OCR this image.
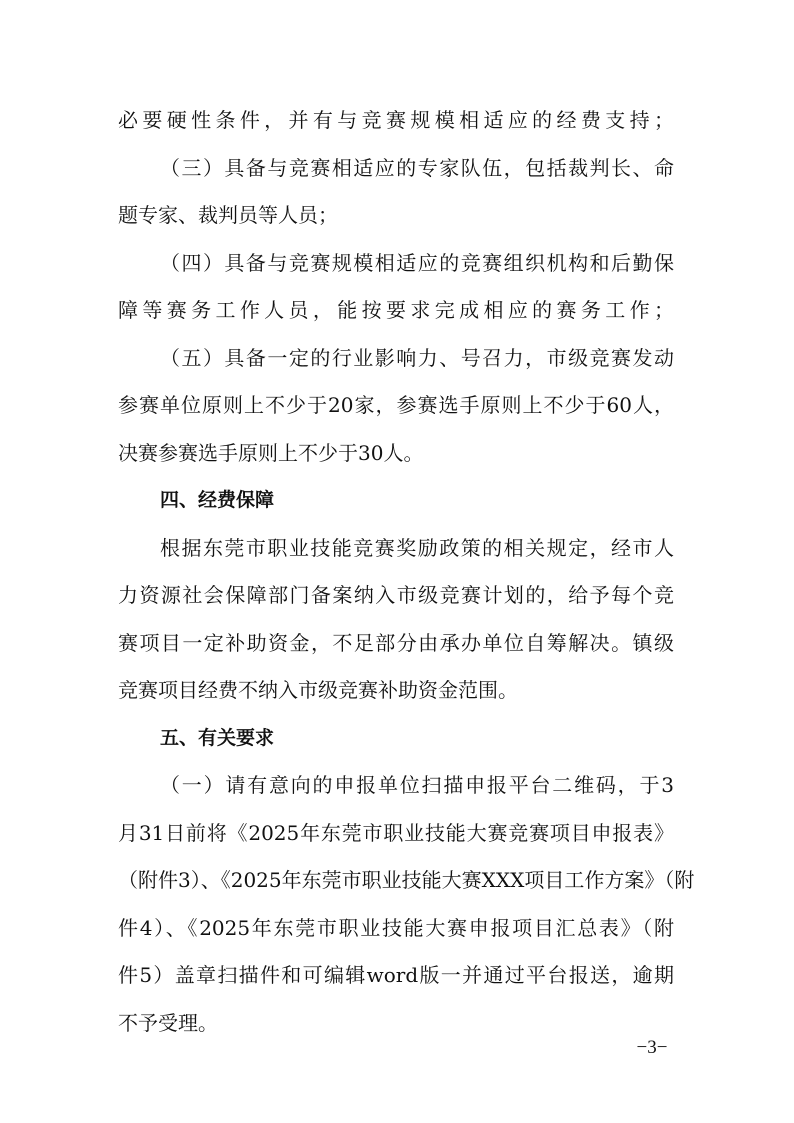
必要硬性条件，并有与竞赛规模相适应的经费支持；
（三）具备与竞赛相适应的专家队伍，包括裁判长、命
题专家、裁判员等人员；
（四）具备与竞赛规模相适应的竞赛组织机构和后勤保
障等赛务工作人员，能按要求完成相应的赛务工作；
（五）具备一定的行业影响力、号召力，市级竞赛发动
参赛单位原则上不少于20家，参赛选手原则上不少于60人，
决赛参赛选手原则上不少于30人。
四、经费保障
根据东莞市职业技能竞赛奖励政策的相关规定，经市人
力资源社会保障部门备案纳入市级竞赛计划的，给予每个竞
赛项目一定补助资金，不足部分由承办单位自筹解决。镇级
竞赛项目经费不纳入市级竞赛补助资金范围。
五、有关要求
（一）请有意向的申报单位扫描申报平台二维码，于3
月31日前将《2025年东莞市职业技能大赛竞赛项目申报表》
（附件3）、《2025年东莞市职业技能大赛XXX项目工作方案》（附
件4）、《2025年东莞市职业技能大赛申报项目汇总表》（附
件5）盖章扫描件和可编辑word版一并通过平台报送，逾期
不予受理。
−3−
